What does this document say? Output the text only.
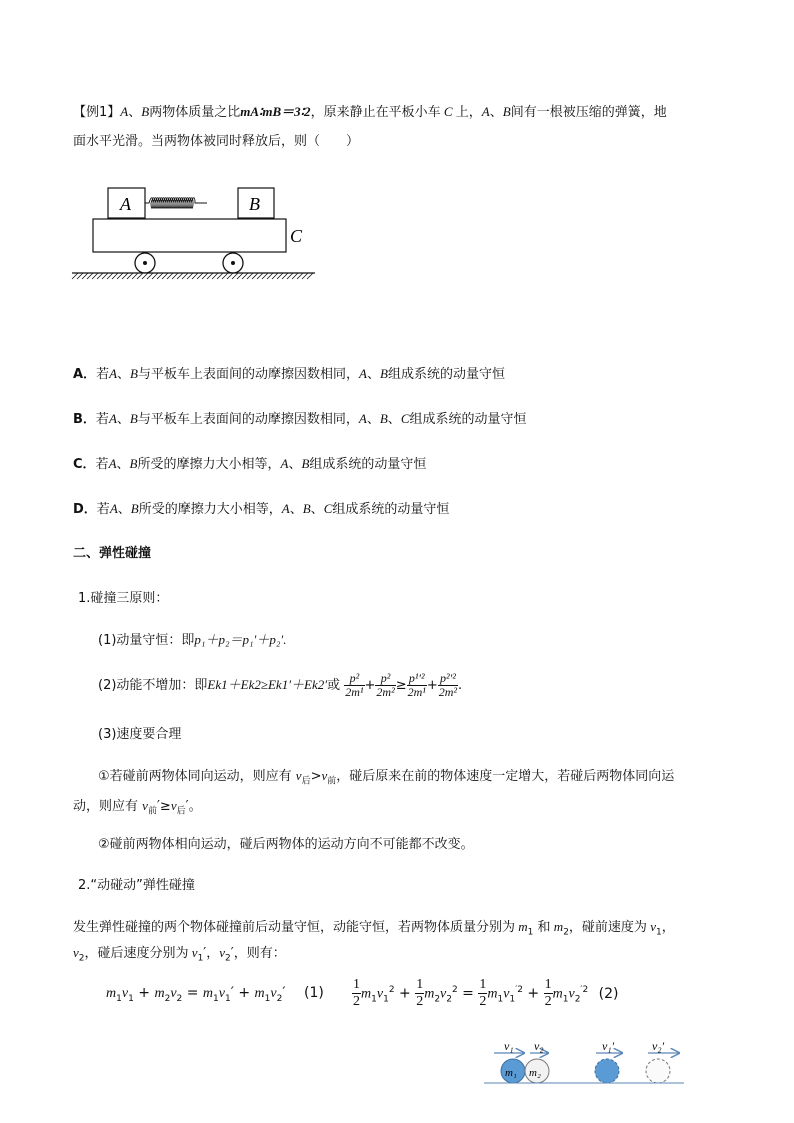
【例1】A、B两物体质量之比mA∶mB＝3∶2，原来静止在平板小车 C 上，A、B间有一根被压缩的弹簧，地
面水平光滑。当两物体被同时释放后，则（　　）
A	B
C
A．若A、B与平板车上表面间的动摩擦因数相同，A、B组成系统的动量守恒
B．若A、B与平板车上表面间的动摩擦因数相同，A、B、C组成系统的动量守恒
C．若A、B所受的摩擦力大小相等，A、B组成系统的动量守恒
D．若A、B所受的摩擦力大小相等，A、B、C组成系统的动量守恒
二、弹性碰撞
1.碰撞三原则：
(1)动量守恒：即p₁＋p₂＝p₁′＋p₂′.
(2)动能不增加：即Ek1＋Ek2≥Ek1′＋Ek2′或 $\frac{\text{p²}}{\text{2m¹}} + \frac{\text{p²}}{\text{2m²}} \ge \frac{\text{p¹′²}}{\text{2m¹}} + \frac{\text{p²′²}}{\text{2m²}}$ .
(3)速度要合理
①若碰前两物体同向运动，则应有 $v_后>v_前$，碰后原来在前的物体速度一定增大，若碰后两物体同向运
动，则应有 $v_前'\ge v_后'$。
②碰前两物体相向运动，碰后两物体的运动方向不可能都不改变。
2.“动碰动”弹性碰撞
发生弹性碰撞的两个物体碰撞前后动量守恒，动能守恒，若两物体质量分别为 $m_1$ 和 $m_2$，碰前速度为 $v_1$，
$v_2$，碰后速度分别为 $v_1'$，$v_2'$，则有：
$m_1v_1 + m_2v_2 = m_1v_1' + m_1v_2'$ $(1) \frac{1}{2} m_1v_1^2 + \frac{1}{2} m_2v_2^2 = \frac{1}{2} m_1v_1^{'2} + \frac{1}{2} m_1v_2^{'2}$ (2)
v₁ v₂
m₁ m₂
v₁′	v₂′
